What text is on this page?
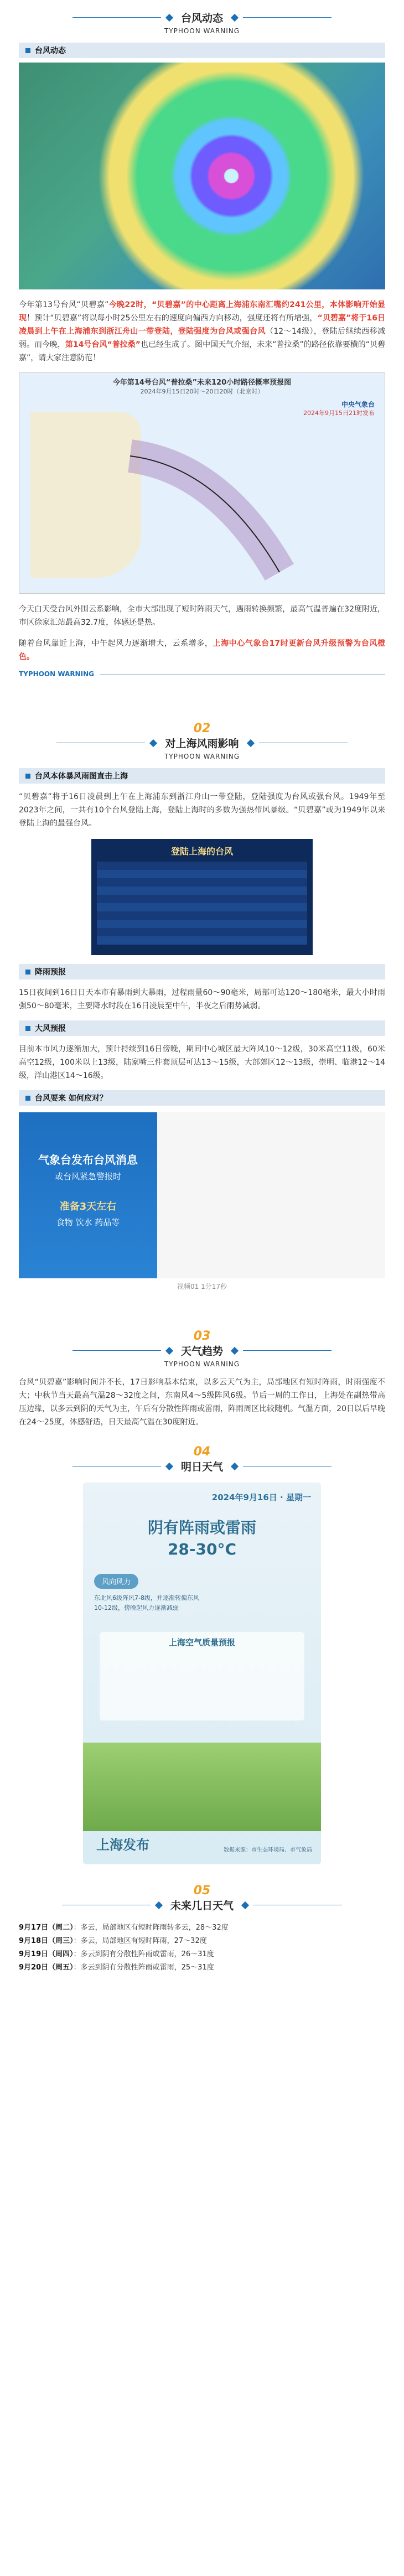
台风动态
TYPHOON WARNING
台风动态
今年第13号台风“贝碧嘉”今晚22时，“贝碧嘉”的中心距离上海浦东南汇嘴约241公里，本体影响开始显现！预计“贝碧嘉”将以每小时25公里左右的速度向偏西方向移动，强度还将有所增强，“贝碧嘉”将于16日凌晨到上午在上海浦东到浙江舟山一带登陆，登陆强度为台风或强台风（12～14级），登陆后继续西移减弱。而今晚，第14号台风“普拉桑”也已经生成了。图中国天气介绍，未来“普拉桑”的路径依靠要横的“贝碧嘉”，请大家注意防范！
今年第14号台风“普拉桑”未来120小时路径概率预报图
2024年9月15日20时～20日20时（北京时）
中央气象台
2024年9月15日21时发布
今天白天受台风外围云系影响，全市大部出现了短时阵雨天气，遇雨转换频繁，最高气温普遍在32度附近，市区徐家汇站最高32.7度，体感还是热。
随着台风靠近上海，中午起风力逐渐增大，云系增多，上海中心气象台17时更新台风升级预警为台风橙色。
TYPHOON WARNING
02
对上海风雨影响
TYPHOON WARNING
台风本体暴风雨图直击上海
“贝碧嘉”将于16日凌晨到上午在上海浦东到浙江舟山一带登陆，登陆强度为台风或强台风。1949年至2023年之间，一共有10个台风登陆上海，登陆上海时的多数为强热带风暴级。“贝碧嘉”或为1949年以来登陆上海的最强台风。
登陆上海的台风
降雨预报
15日夜间到16日日天本市有暴雨到大暴雨，过程雨量60～90毫米，局部可达120～180毫米，最大小时雨强50～80毫米，主要降水时段在16日凌晨至中午，半夜之后雨势减弱。
大风预报
目前本市风力逐渐加大，预计持续到16日傍晚，期间中心城区最大阵风10～12级，30米高空11级，60米高空12级，100米以上13级，陆家嘴三件套顶层可达13～15级，大部郊区12～13级，崇明、临港12～14级，洋山港区14～16级。
台风要来 如何应对？
气象台发布台风消息
或台风紧急警报时
准备3天左右
食物 饮水 药品等
视频01 1分17秒
03
天气趋势
TYPHOON WARNING
台风“贝碧嘉”影响时间并不长，17日影响基本结束，以多云天气为主，局部地区有短时阵雨，时雨强度不大；中秋节当天最高气温28～32度之间，东南风4～5级阵风6级。节后一周的工作日，上海处在副热带高压边缘，以多云到阴的天气为主，午后有分散性阵雨或雷雨，阵雨周区比较随机。气温方面，20日以后早晚在24～25度，体感舒适，日天最高气温在30度附近。
04
明日天气
2024年9月16日 · 星期一
阴有阵雨或雷雨
28-30°C
风向风力
东北风6级阵风7-8级，并逐渐转偏东风10-12级，傍晚起风力逐渐减弱
上海空气质量预报
上海发布	数据来源：市生态环境局、市气象局
05
未来几日天气
9月17日（周二）：多云，局部地区有短时阵雨转多云，28～32度
9月18日（周三）：多云，局部地区有短时阵雨，27～32度
9月19日（周四）：多云到阴有分散性阵雨或雷雨，26～31度
9月20日（周五）：多云到阴有分散性阵雨或雷雨，25～31度
